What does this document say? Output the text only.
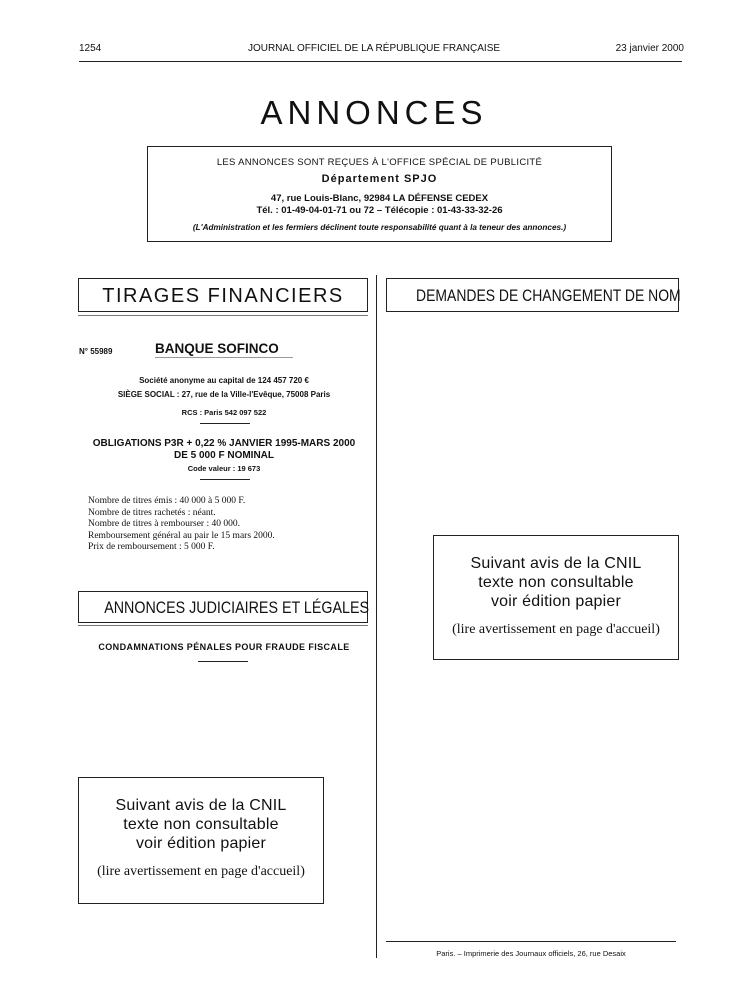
1254	JOURNAL OFFICIEL DE LA RÉPUBLIQUE FRANÇAISE	23 janvier 2000
ANNONCES
LES ANNONCES SONT REÇUES À L'OFFICE SPÉCIAL DE PUBLICITÉ
Département SPJO
47, rue Louis-Blanc, 92984 LA DÉFENSE CEDEX
Tél. : 01-49-04-01-71 ou 72 – Télécopie : 01-43-33-32-26
(L'Administration et les fermiers déclinent toute responsabilité quant à la teneur des annonces.)
TIRAGES FINANCIERS
N° 55989	BANQUE SOFINCO
Société anonyme au capital de 124 457 720 €
SIÈGE SOCIAL : 27, rue de la Ville-l'Evêque, 75008 Paris
RCS : Paris 542 097 522
OBLIGATIONS P3R + 0,22 % JANVIER 1995-MARS 2000
DE 5 000 F NOMINAL
Code valeur : 19 673
Nombre de titres émis : 40 000 à 5 000 F.
Nombre de titres rachetés : néant.
Nombre de titres à rembourser : 40 000.
Remboursement général au pair le 15 mars 2000.
Prix de remboursement : 5 000 F.
ANNONCES JUDICIAIRES ET LÉGALES
CONDAMNATIONS PÉNALES POUR FRAUDE FISCALE
Suivant avis de la CNIL
texte non consultable
voir édition papier
(lire avertissement en page d'accueil)
DEMANDES DE CHANGEMENT DE NOM
Suivant avis de la CNIL
texte non consultable
voir édition papier
(lire avertissement en page d'accueil)
Paris. – Imprimerie des Journaux officiels, 26, rue Desaix
